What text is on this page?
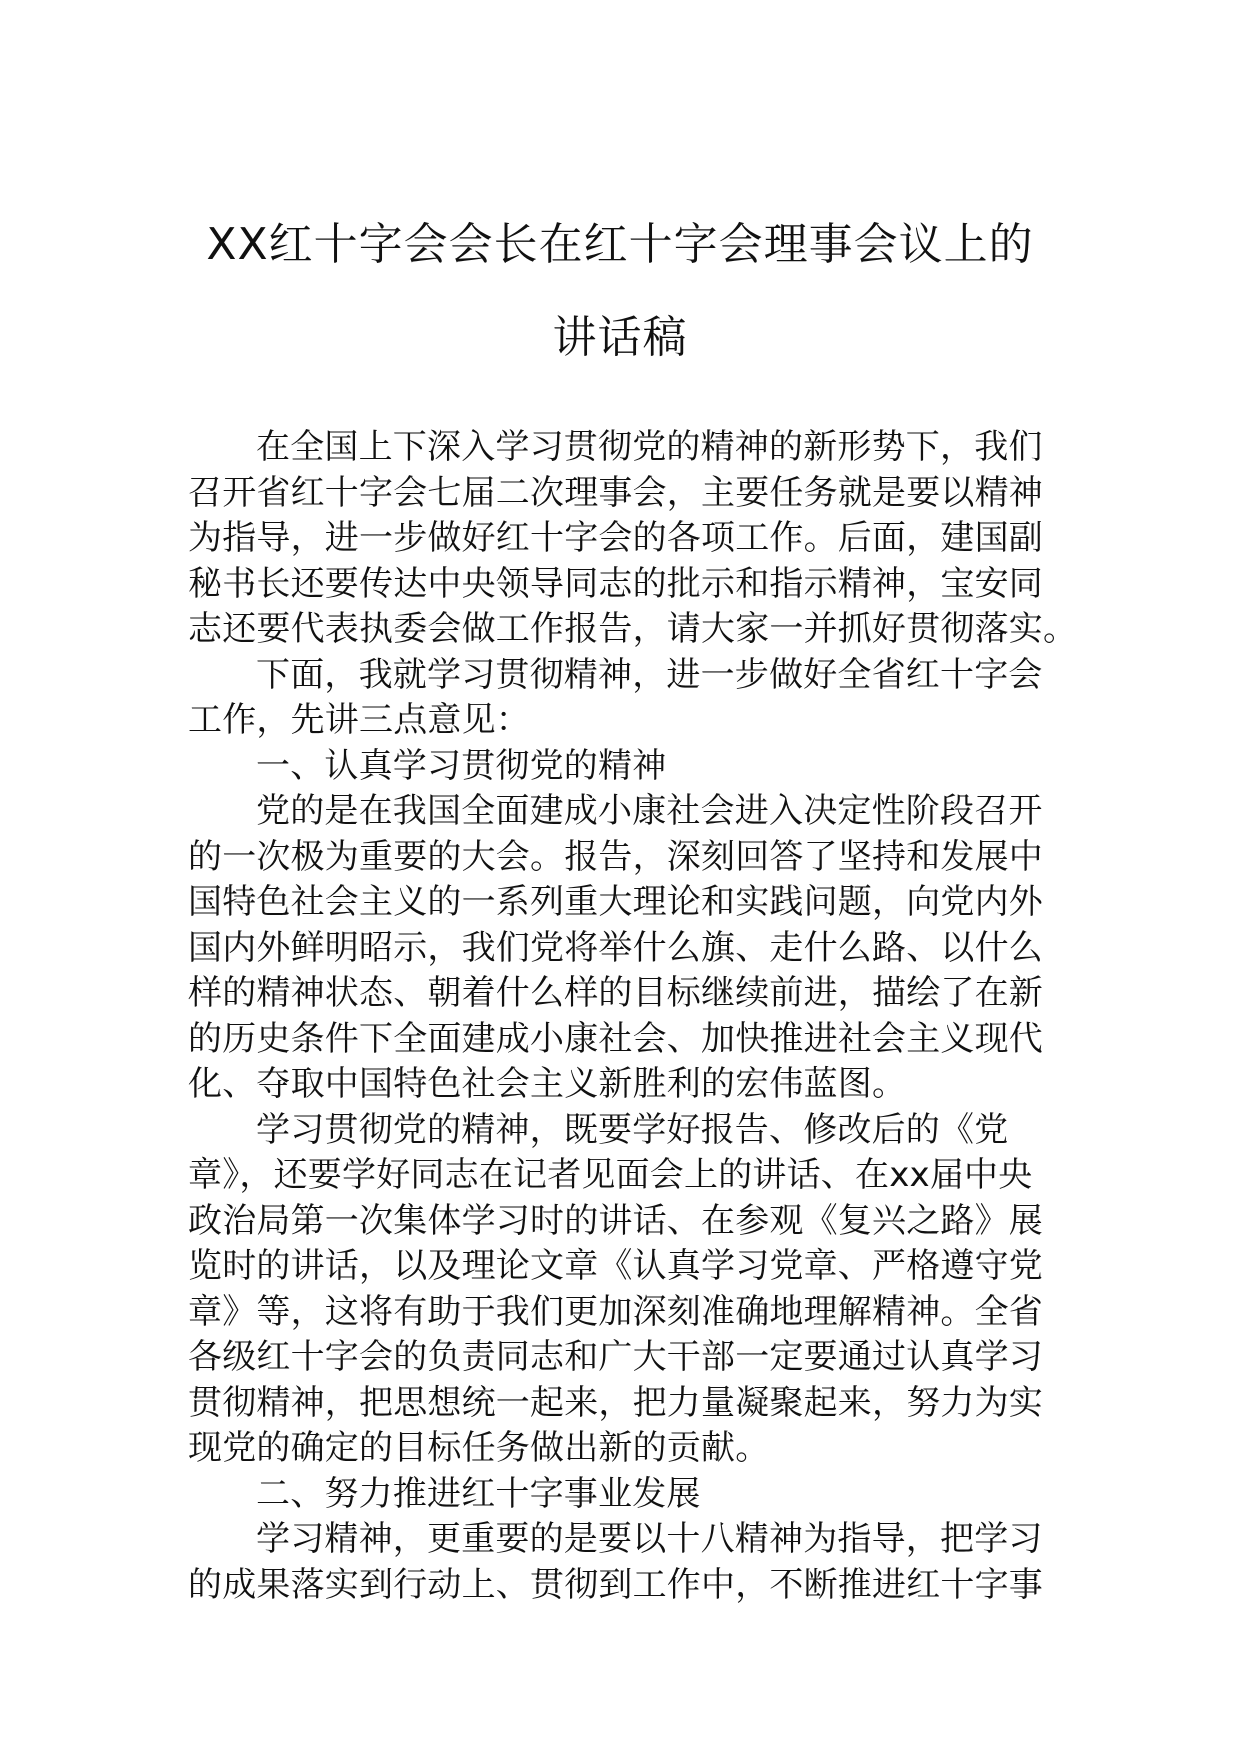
XX红十字会会长在红十字会理事会议上的
讲话稿
在全国上下深入学习贯彻党的精神的新形势下，我们
召开省红十字会七届二次理事会，主要任务就是要以精神
为指导，进一步做好红十字会的各项工作。后面，建国副
秘书长还要传达中央领导同志的批示和指示精神，宝安同
志还要代表执委会做工作报告，请大家一并抓好贯彻落实。
下面，我就学习贯彻精神，进一步做好全省红十字会
工作，先讲三点意见：
一、认真学习贯彻党的精神
党的是在我国全面建成小康社会进入决定性阶段召开
的一次极为重要的大会。报告，深刻回答了坚持和发展中
国特色社会主义的一系列重大理论和实践问题，向党内外
国内外鲜明昭示，我们党将举什么旗、走什么路、以什么
样的精神状态、朝着什么样的目标继续前进，描绘了在新
的历史条件下全面建成小康社会、加快推进社会主义现代
化、夺取中国特色社会主义新胜利的宏伟蓝图。
学习贯彻党的精神，既要学好报告、修改后的《党
章》，还要学好同志在记者见面会上的讲话、在xx届中央
政治局第一次集体学习时的讲话、在参观《复兴之路》展
览时的讲话，以及理论文章《认真学习党章、严格遵守党
章》等，这将有助于我们更加深刻准确地理解精神。全省
各级红十字会的负责同志和广大干部一定要通过认真学习
贯彻精神，把思想统一起来，把力量凝聚起来，努力为实
现党的确定的目标任务做出新的贡献。
二、努力推进红十字事业发展
学习精神，更重要的是要以十八精神为指导，把学习
的成果落实到行动上、贯彻到工作中，不断推进红十字事
